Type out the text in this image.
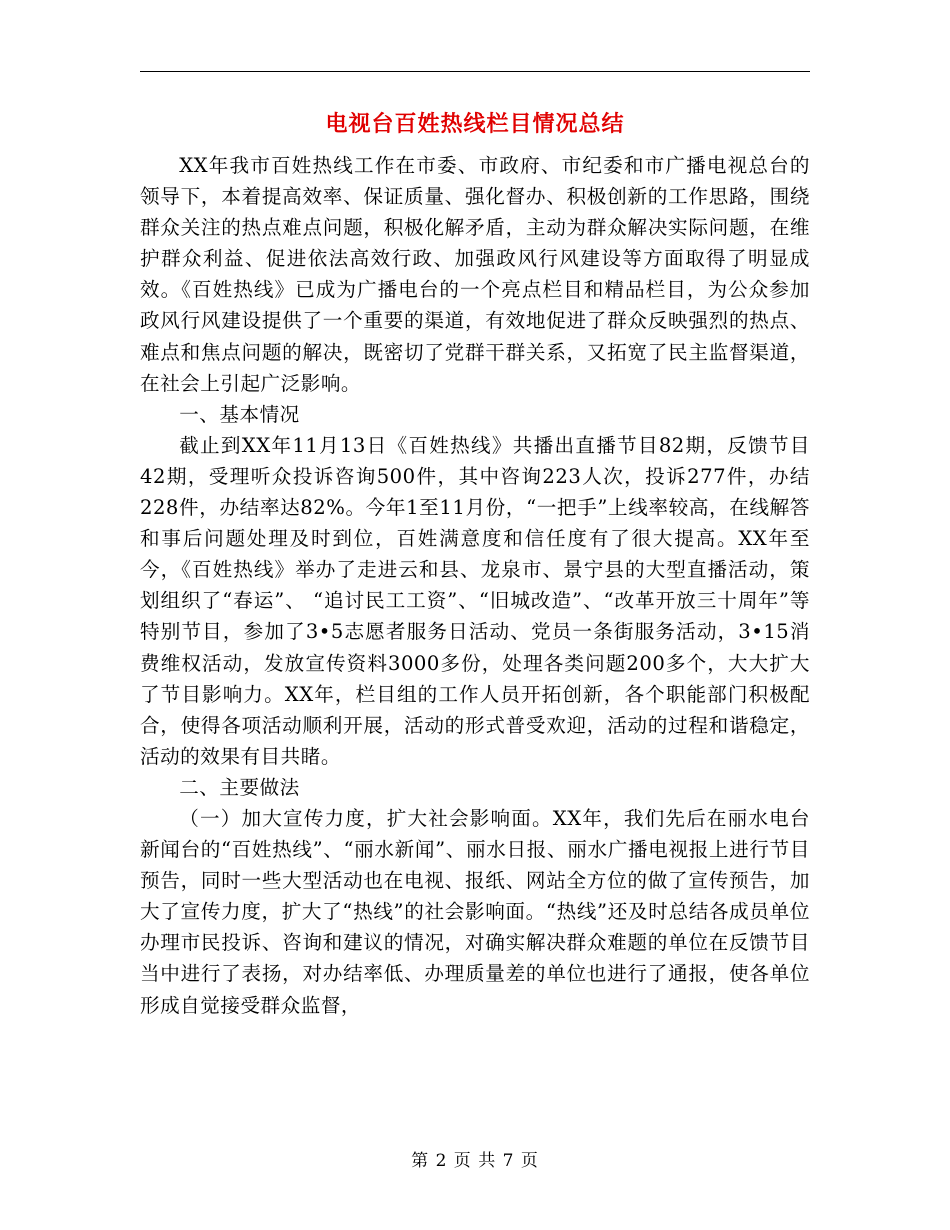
电视台百姓热线栏目情况总结

XX年我市百姓热线工作在市委、市政府、市纪委和市广播电视总台的领导下，本着提高效率、保证质量、强化督办、积极创新的工作思路，围绕群众关注的热点难点问题，积极化解矛盾，主动为群众解决实际问题，在维护群众利益、促进依法高效行政、加强政风行风建设等方面取得了明显成效。《百姓热线》已成为广播电台的一个亮点栏目和精品栏目，为公众参加政风行风建设提供了一个重要的渠道，有效地促进了群众反映强烈的热点、难点和焦点问题的解决，既密切了党群干群关系，又拓宽了民主监督渠道，在社会上引起广泛影响。

一、基本情况

截止到XX年11月13日《百姓热线》共播出直播节目82期，反馈节目42期，受理听众投诉咨询500件，其中咨询223人次，投诉277件，办结228件，办结率达82%。今年1至11月份，“一把手”上线率较高，在线解答和事后问题处理及时到位，百姓满意度和信任度有了很大提高。XX年至今，《百姓热线》举办了走进云和县、龙泉市、景宁县的大型直播活动，策划组织了“春运”、 “追讨民工工资”、“旧城改造”、“改革开放三十周年”等特别节目，参加了3•5志愿者服务日活动、党员一条街服务活动，3•15消费维权活动，发放宣传资料3000多份，处理各类问题200多个，大大扩大了节目影响力。XX年，栏目组的工作人员开拓创新，各个职能部门积极配合，使得各项活动顺利开展，活动的形式普受欢迎，活动的过程和谐稳定，活动的效果有目共睹。

二、主要做法

（一）加大宣传力度，扩大社会影响面。XX年，我们先后在丽水电台新闻台的“百姓热线”、“丽水新闻”、丽水日报、丽水广播电视报上进行节目预告，同时一些大型活动也在电视、报纸、网站全方位的做了宣传预告，加大了宣传力度，扩大了“热线”的社会影响面。“热线”还及时总结各成员单位办理市民投诉、咨询和建议的情况，对确实解决群众难题的单位在反馈节目当中进行了表扬，对办结率低、办理质量差的单位也进行了通报，使各单位形成自觉接受群众监督，

第 2 页 共 7 页
